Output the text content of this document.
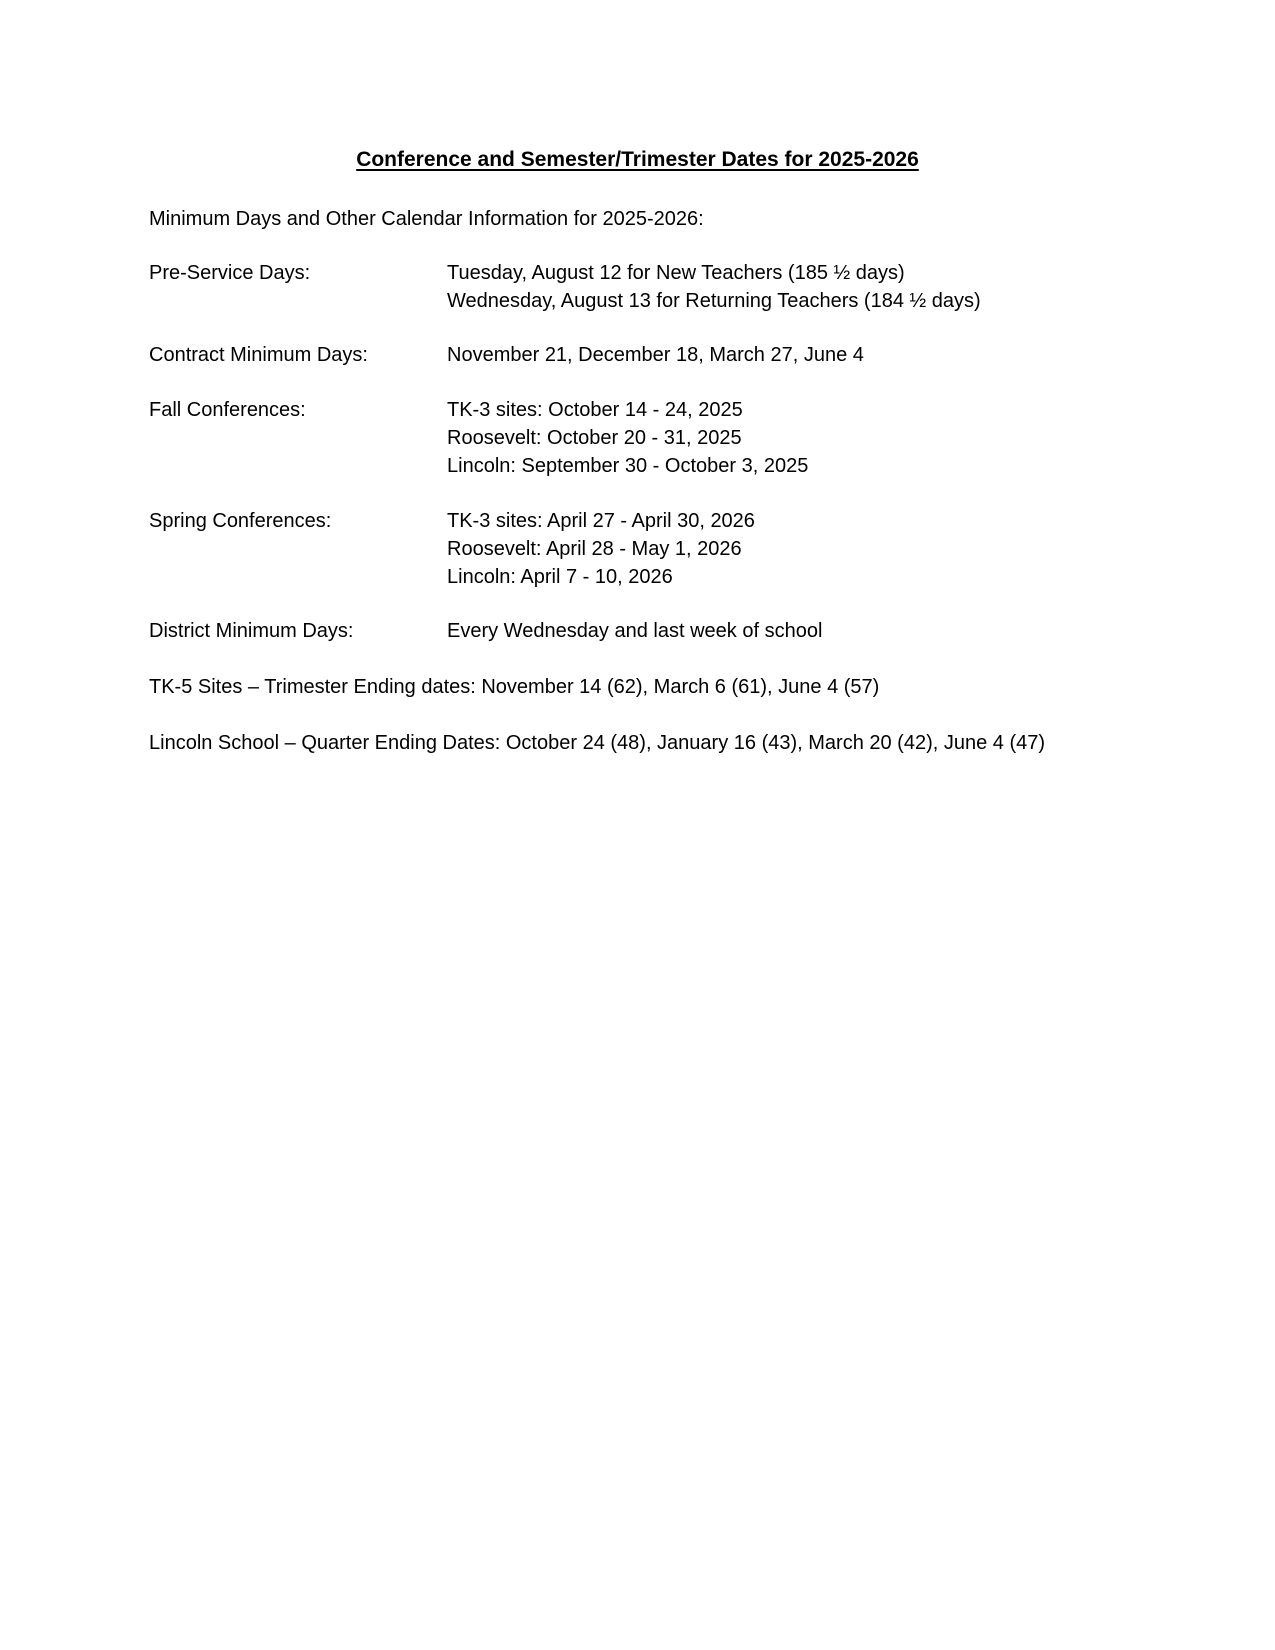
Conference and Semester/Trimester Dates for 2025-2026
Minimum Days and Other Calendar Information for 2025-2026:
Pre-Service Days:	Tuesday, August 12 for New Teachers (185 ½ days)
Wednesday, August 13 for Returning Teachers (184 ½ days)
Contract Minimum Days:	November 21, December 18, March 27, June 4
Fall Conferences:	TK-3 sites: October 14 - 24, 2025
Roosevelt: October 20 - 31, 2025
Lincoln: September 30 - October 3, 2025
Spring Conferences:	TK-3 sites: April 27 - April 30, 2026
Roosevelt: April 28 - May 1, 2026
Lincoln: April 7 - 10, 2026
District Minimum Days:	Every Wednesday and last week of school
TK-5 Sites – Trimester Ending dates: November 14 (62), March 6 (61), June 4 (57)
Lincoln School – Quarter Ending Dates: October 24 (48), January 16 (43), March 20 (42), June 4 (47)
